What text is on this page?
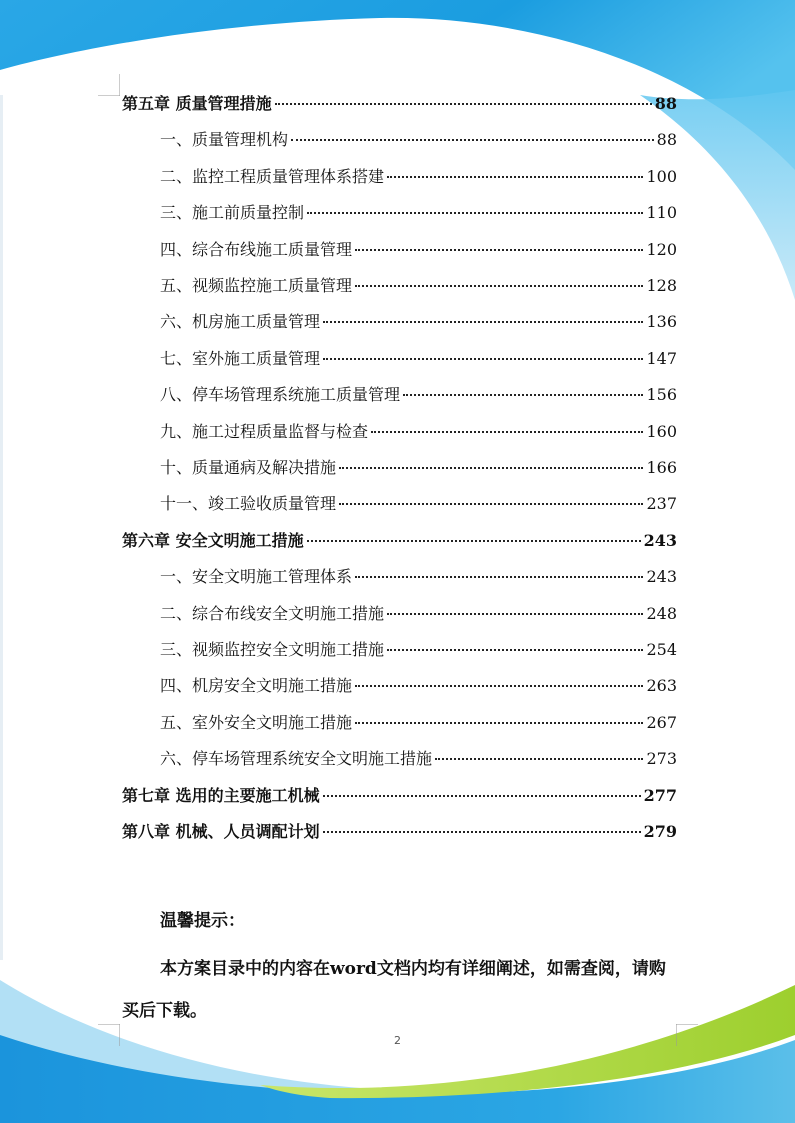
第五章 质量管理措施	88
一、质量管理机构	88
二、监控工程质量管理体系搭建	100
三、施工前质量控制	110
四、综合布线施工质量管理	120
五、视频监控施工质量管理	128
六、机房施工质量管理	136
七、室外施工质量管理	147
八、停车场管理系统施工质量管理	156
九、施工过程质量监督与检查	160
十、质量通病及解决措施	166
十一、竣工验收质量管理	237
第六章 安全文明施工措施	243
一、安全文明施工管理体系	243
二、综合布线安全文明施工措施	248
三、视频监控安全文明施工措施	254
四、机房安全文明施工措施	263
五、室外安全文明施工措施	267
六、停车场管理系统安全文明施工措施	273
第七章 选用的主要施工机械	277
第八章 机械、人员调配计划	279
温馨提示：
本方案目录中的内容在word文档内均有详细阐述，如需查阅，请购买后下载。
2
